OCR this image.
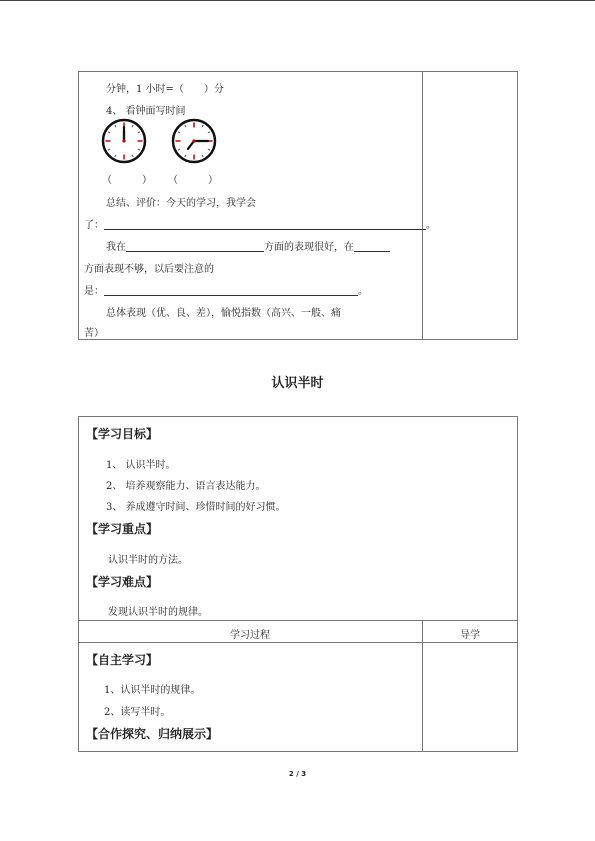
分钟，1 小时=（　　）分
4、 看钟面写时间
（　　　） （　　　）
总结、评价：今天的学习，我学会
了：	。
我在	方面的表现很好，在
方面表现不够，以后要注意的
是：	。
总体表现（优、良、差），愉悦指数（高兴、一般、痛
苦）
认识半时
【学习目标】
1、 认识半时。
2、 培养观察能力、语言表达能力。
3、 养成遵守时间、珍惜时间的好习惯。
【学习重点】
认识半时的方法。
【学习难点】
发现认识半时的规律。
学习过程	导学
【自主学习】
1、认识半时的规律。
2、读写半时。
【合作探究、归纳展示】
2 / 3
